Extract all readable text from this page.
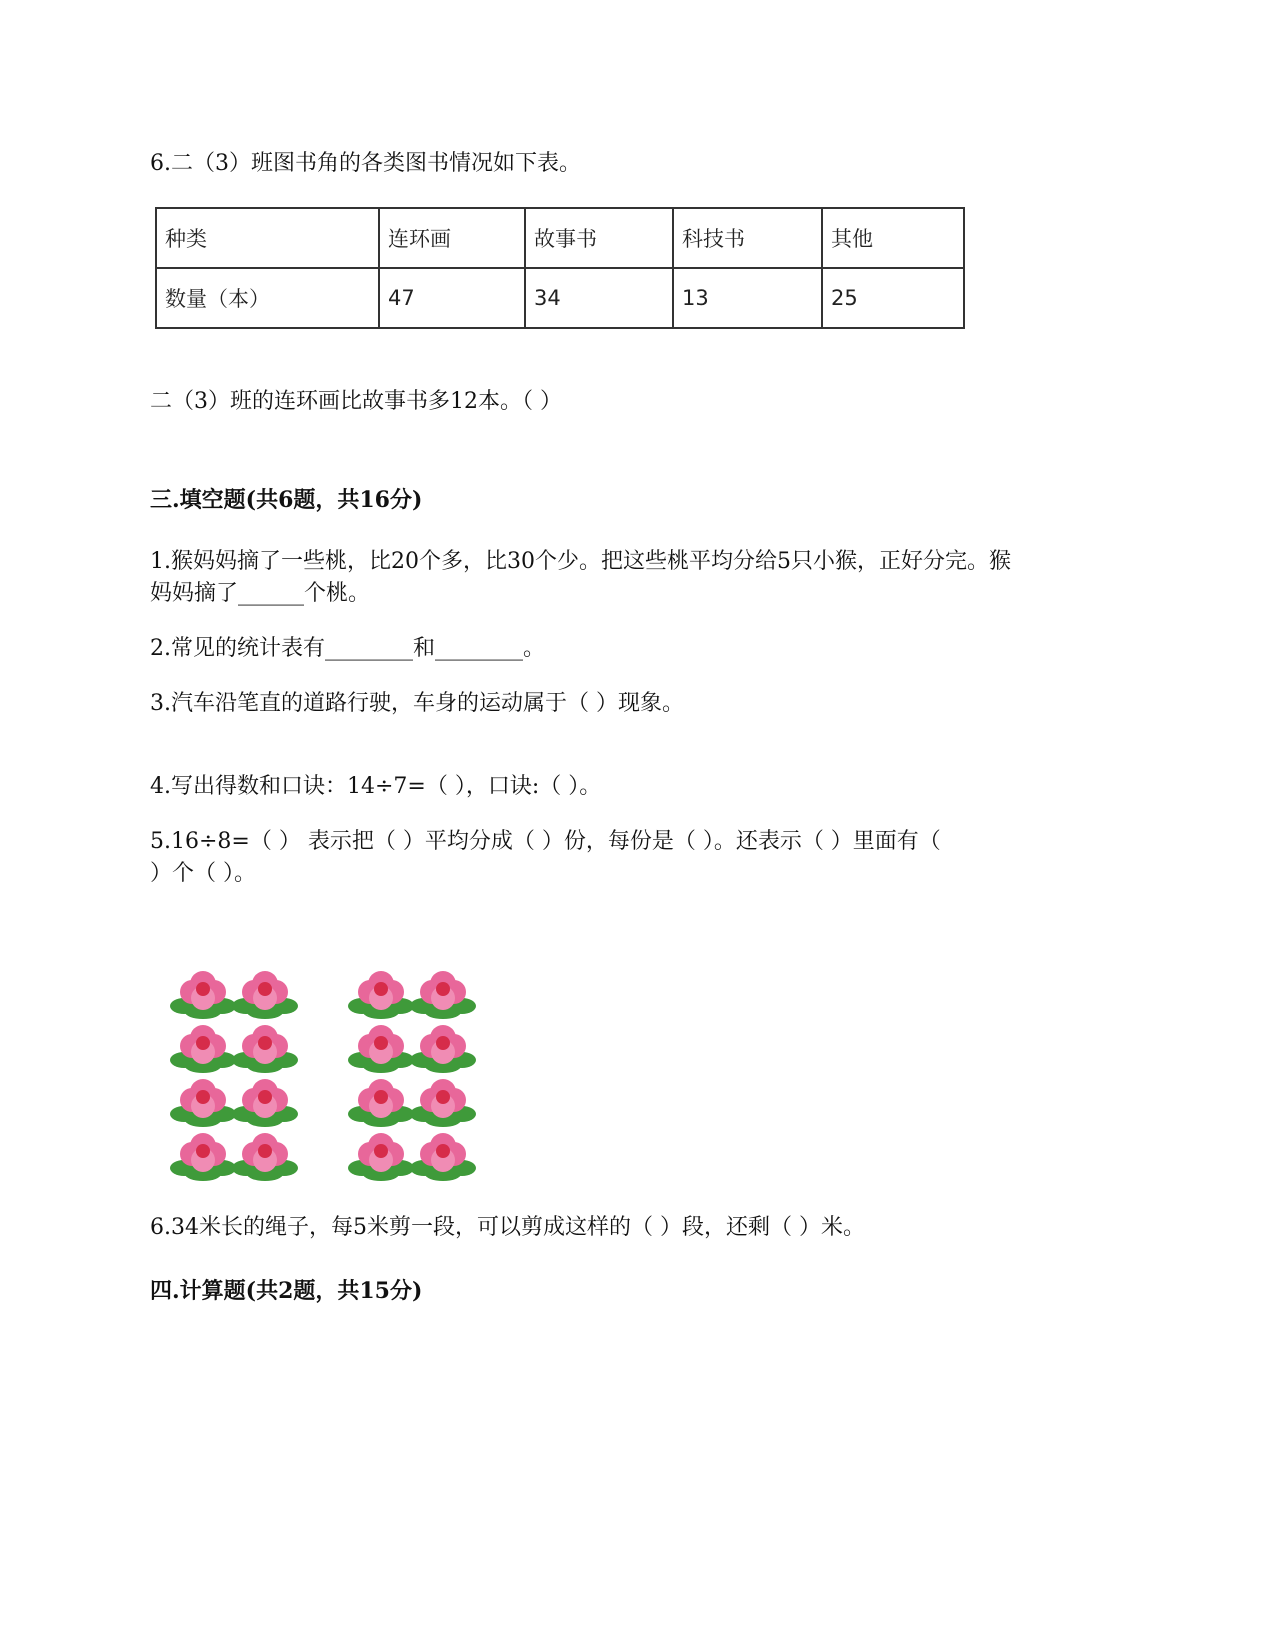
6.二（3）班图书角的各类图书情况如下表。
种类	连环画	故事书	科技书	其他
数量（本）	47	34	13	25
二（3）班的连环画比故事书多12本。（ ）
三.填空题(共6题，共16分)
1.猴妈妈摘了一些桃，比20个多，比30个少。把这些桃平均分给5只小猴，正好分完。猴
妈妈摘了______个桃。
2.常见的统计表有________和________。
3.汽车沿笔直的道路行驶，车身的运动属于（ ）现象。
4.写出得数和口诀：14÷7=（ ），口诀:（ ）。
5.16÷8=（ ） 表示把（ ）平均分成（ ）份，每份是（ ）。还表示（ ）里面有（
）个（ ）。
6.34米长的绳子，每5米剪一段，可以剪成这样的（ ）段，还剩（ ）米。
四.计算题(共2题，共15分)
